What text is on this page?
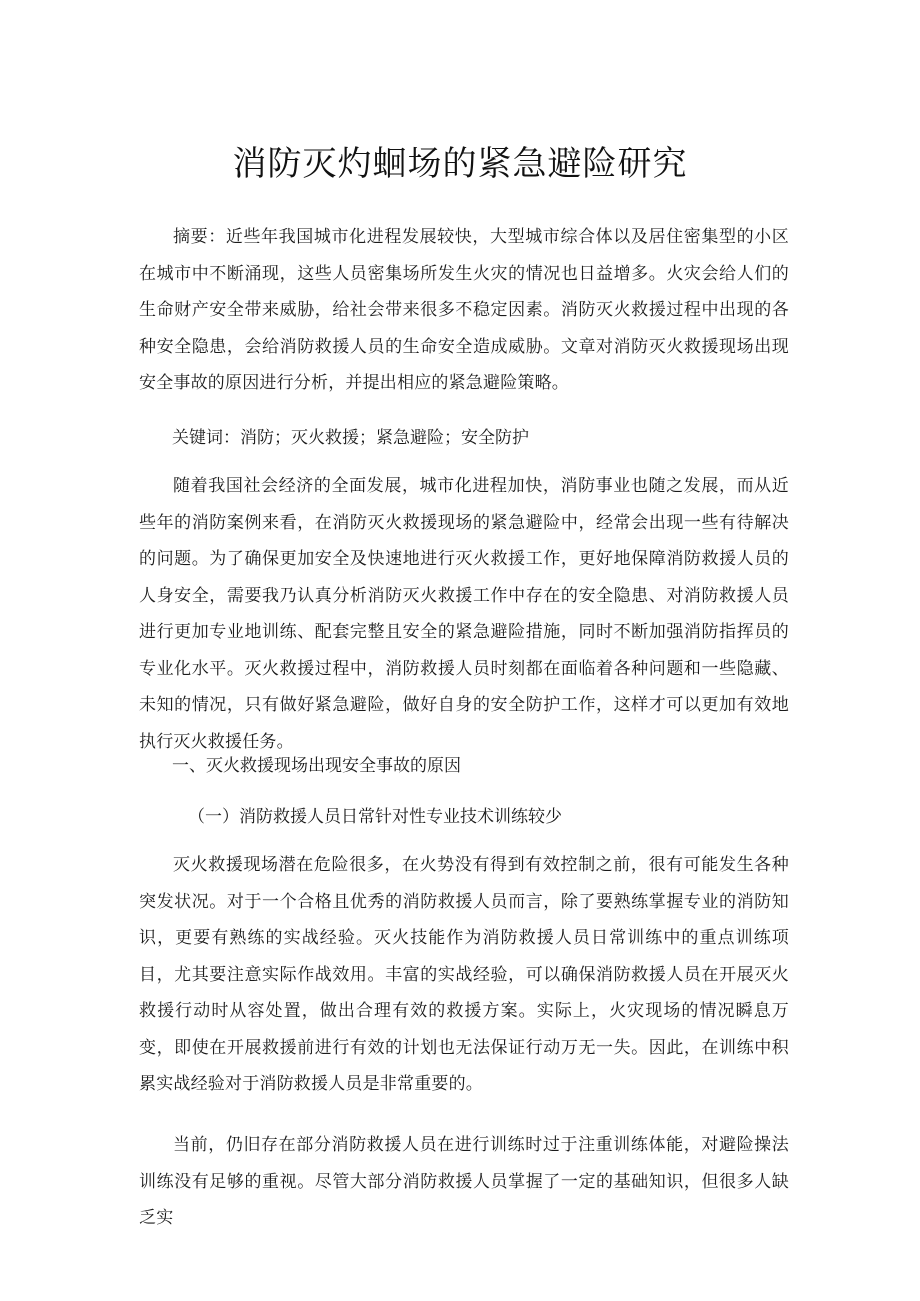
消防灭灼蛔场的紧急避险研究

摘要：近些年我国城市化进程发展较快，大型城市综合体以及居住密集型的小区在城市中不断涌现，这些人员密集场所发生火灾的情况也日益增多。火灾会给人们的生命财产安全带来威胁，给社会带来很多不稳定因素。消防灭火救援过程中出现的各种安全隐患，会给消防救援人员的生命安全造成威胁。文章对消防灭火救援现场出现安全事故的原因进行分析，并提出相应的紧急避险策略。

关键词：消防；灭火救援；紧急避险；安全防护

随着我国社会经济的全面发展，城市化进程加快，消防事业也随之发展，而从近些年的消防案例来看，在消防灭火救援现场的紧急避险中，经常会出现一些有待解决的问题。为了确保更加安全及快速地进行灭火救援工作，更好地保障消防救援人员的人身安全，需要我乃认真分析消防灭火救援工作中存在的安全隐患、对消防救援人员进行更加专业地训练、配套完整且安全的紧急避险措施，同时不断加强消防指挥员的专业化水平。灭火救援过程中，消防救援人员时刻都在面临着各种问题和一些隐藏、未知的情况，只有做好紧急避险，做好自身的安全防护工作，这样才可以更加有效地执行灭火救援任务。

一、灭火救援现场出现安全事故的原因

（一）消防救援人员日常针对性专业技术训练较少

灭火救援现场潜在危险很多，在火势没有得到有效控制之前，很有可能发生各种突发状况。对于一个合格且优秀的消防救援人员而言，除了要熟练掌握专业的消防知识，更要有熟练的实战经验。灭火技能作为消防救援人员日常训练中的重点训练项目，尤其要注意实际作战效用。丰富的实战经验，可以确保消防救援人员在开展灭火救援行动时从容处置，做出合理有效的救援方案。实际上，火灾现场的情况瞬息万变，即使在开展救援前进行有效的计划也无法保证行动万无一失。因此，在训练中积累实战经验对于消防救援人员是非常重要的。

当前，仍旧存在部分消防救援人员在进行训练时过于注重训练体能，对避险操法训练没有足够的重视。尽管大部分消防救援人员掌握了一定的基础知识，但很多人缺乏实
